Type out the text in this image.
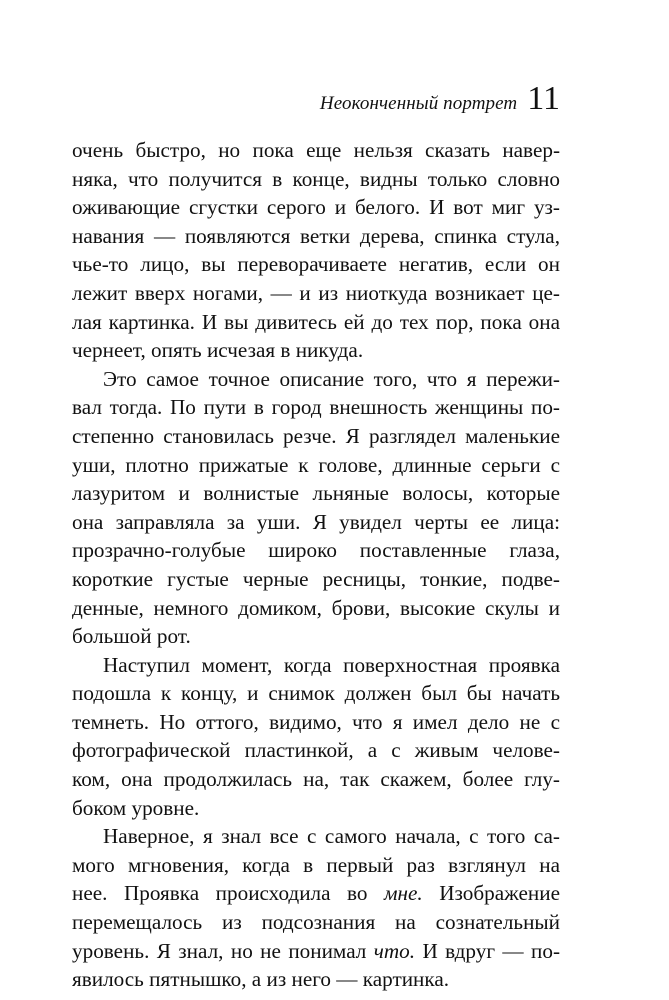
Неоконченный портрет 11

очень быстро, но пока еще нельзя сказать навер-
няка, что получится в конце, видны только словно
оживающие сгустки серого и белого. И вот миг уз-
навания — появляются ветки дерева, спинка стула,
чье-то лицо, вы переворачиваете негатив, если он
лежит вверх ногами, — и из ниоткуда возникает це-
лая картинка. И вы дивитесь ей до тех пор, пока она
чернеет, опять исчезая в никуда.

Это самое точное описание того, что я пережи-
вал тогда. По пути в город внешность женщины по-
степенно становилась резче. Я разглядел маленькие
уши, плотно прижатые к голове, длинные серьги с
лазуритом и волнистые льняные волосы, которые
она заправляла за уши. Я увидел черты ее лица:
прозрачно-голубые широко поставленные глаза,
короткие густые черные ресницы, тонкие, подве-
денные, немного домиком, брови, высокие скулы и
большой рот.

Наступил момент, когда поверхностная проявка
подошла к концу, и снимок должен был бы начать
темнеть. Но оттого, видимо, что я имел дело не с
фотографической пластинкой, а с живым челове-
ком, она продолжилась на, так скажем, более глу-
боком уровне.

Наверное, я знал все с самого начала, с того са-
мого мгновения, когда в первый раз взглянул на
нее. Проявка происходила во мне. Изображение
перемещалось из подсознания на сознательный
уровень. Я знал, но не понимал что. И вдруг — по-
явилось пятнышко, а из него — картинка.
